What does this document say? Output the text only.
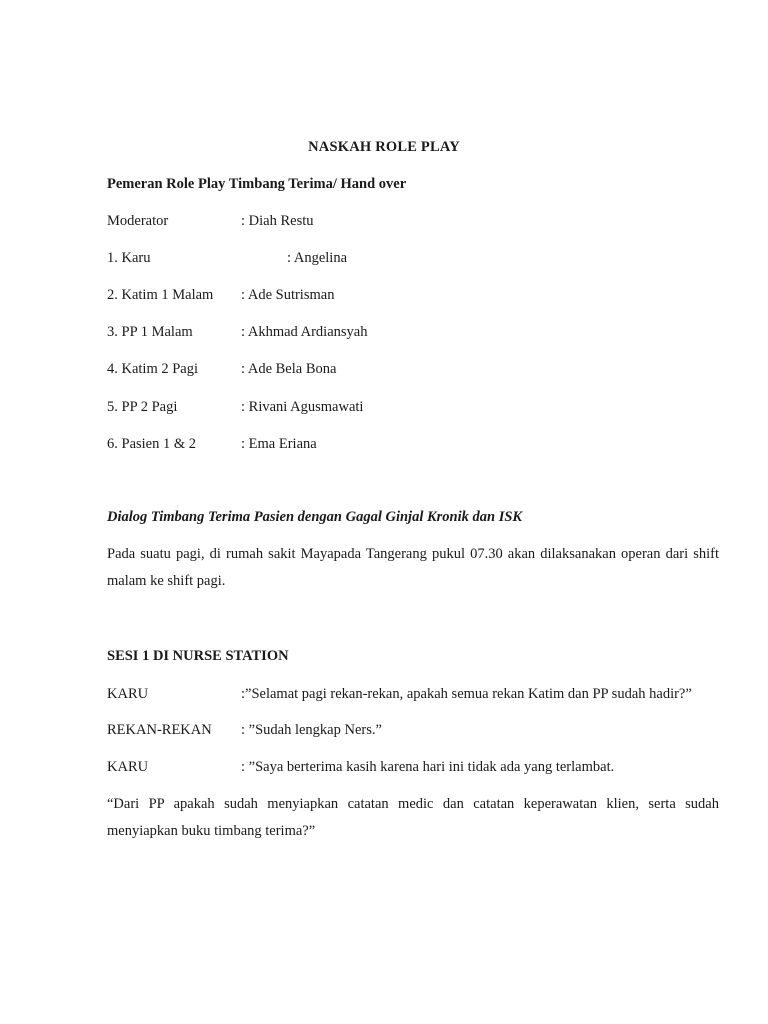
NASKAH ROLE PLAY
Pemeran Role Play Timbang Terima/ Hand over
Moderator	: Diah Restu
1. Karu	: Angelina
2. Katim 1 Malam : Ade Sutrisman
3. PP 1 Malam	: Akhmad Ardiansyah
4. Katim 2 Pagi	: Ade Bela Bona
5. PP 2 Pagi	: Rivani Agusmawati
6. Pasien 1 & 2	: Ema Eriana
Dialog Timbang Terima Pasien dengan Gagal Ginjal Kronik dan ISK
Pada suatu pagi, di rumah sakit Mayapada Tangerang pukul 07.30 akan dilaksanakan operan dari shift malam ke shift pagi.
SESI 1 DI NURSE STATION
KARU	:”Selamat pagi rekan-rekan, apakah semua rekan Katim dan PP sudah hadir?”
REKAN-REKAN : ”Sudah lengkap Ners.”
KARU	: ”Saya berterima kasih karena hari ini tidak ada yang terlambat.
“Dari PP apakah sudah menyiapkan catatan medic dan catatan keperawatan klien, serta sudah menyiapkan buku timbang terima?”
